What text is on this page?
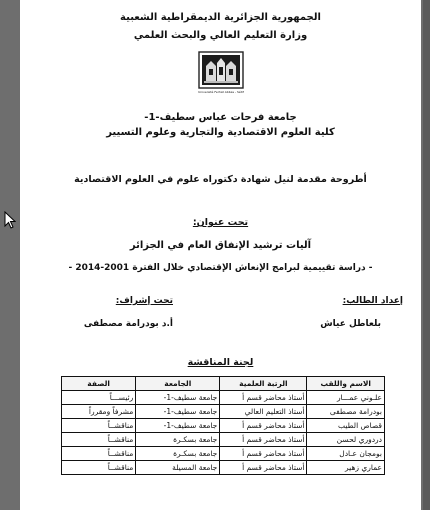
الجمهورية الجزائرية الديمقراطية الشعبية
وزارة التعليم العالي والبحث العلمي
Université Ferhat Abbas - Sétif
جامعة فرحات عباس سطيف-1-
كلية العلوم الاقتصادية والتجارية وعلوم التسيير
أطروحة مقدمة لنيل شهادة دكتوراه علوم في العلوم الاقتصادية
تحت عنوان:
آليات ترشيد الإنفاق العام في الجزائر
- دراسة تقييمية لبرامج الإنعاش الإقتصادي خلال الفترة 2001-2014 -
إعداد الطالب:
بلعاطل عياش
تحت إشراف:
أ.د بودرامة مصطفى
لجنة المناقشة
الاسم واللقب	الرتبة العلمية	الجامعة	الصفة
علـوني عمـــار	أستاذ محاضر قسم أ	جامعة سطيف-1-	رئيســـاً
بودرامة مصطفى	أستاذ التعليم العالي	جامعة سطيف-1-	مشرفاً ومقرراً
قصاص الطيب	أستاذ محاضر قسم أ	جامعة سطيف-1-	مناقشــاً
دردوري لحسن	أستاذ محاضر قسم أ	جامعة بسكـرة	مناقشــاً
بومجان عـادل	أستاذ محاضر قسم أ	جامعة بسكـرة	مناقشــاً
عماري زهير	أستاذ محاضر قسم أ	جامعة المسيلة	مناقشــاً
